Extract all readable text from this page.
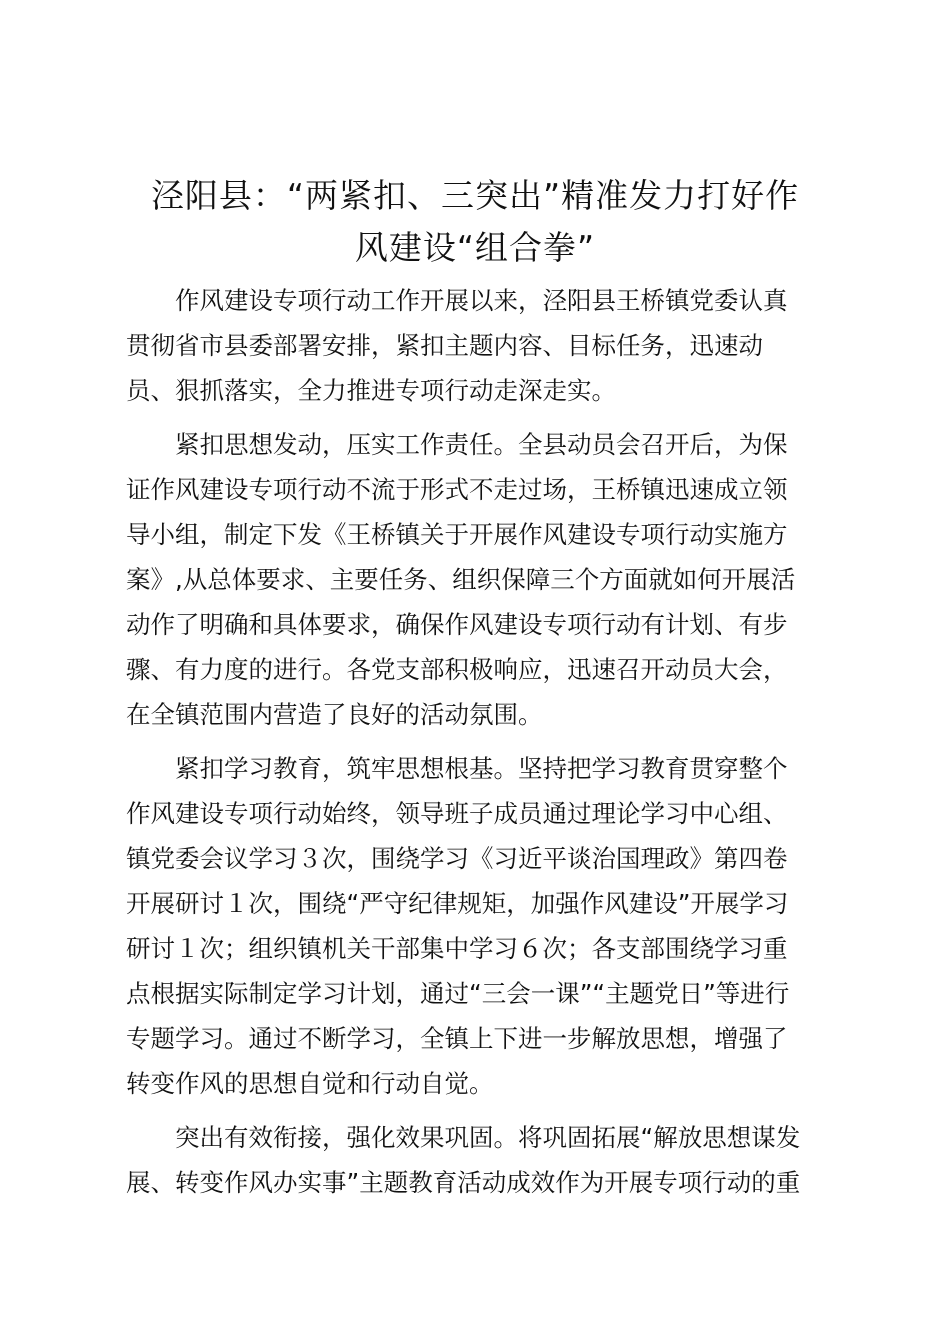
泾阳县：“两紧扣、三突出”精准发力打好作
风建设“组合拳”
作风建设专项行动工作开展以来，泾阳县王桥镇党委认真
贯彻省市县委部署安排，紧扣主题内容、目标任务，迅速动
员、狠抓落实，全力推进专项行动走深走实。
紧扣思想发动，压实工作责任。全县动员会召开后，为保
证作风建设专项行动不流于形式不走过场，王桥镇迅速成立领
导小组，制定下发《王桥镇关于开展作风建设专项行动实施方
案》,从总体要求、主要任务、组织保障三个方面就如何开展活
动作了明确和具体要求，确保作风建设专项行动有计划、有步
骤、有力度的进行。各党支部积极响应，迅速召开动员大会，
在全镇范围内营造了良好的活动氛围。
紧扣学习教育，筑牢思想根基。坚持把学习教育贯穿整个
作风建设专项行动始终，领导班子成员通过理论学习中心组、
镇党委会议学习３次，围绕学习《习近平谈治国理政》第四卷
开展研讨１次，围绕“严守纪律规矩，加强作风建设”开展学习
研讨１次；组织镇机关干部集中学习６次；各支部围绕学习重
点根据实际制定学习计划，通过“三会一课”“主题党日”等进行
专题学习。通过不断学习，全镇上下进一步解放思想，增强了
转变作风的思想自觉和行动自觉。
突出有效衔接，强化效果巩固。将巩固拓展“解放思想谋发
展、转变作风办实事”主题教育活动成效作为开展专项行动的重
